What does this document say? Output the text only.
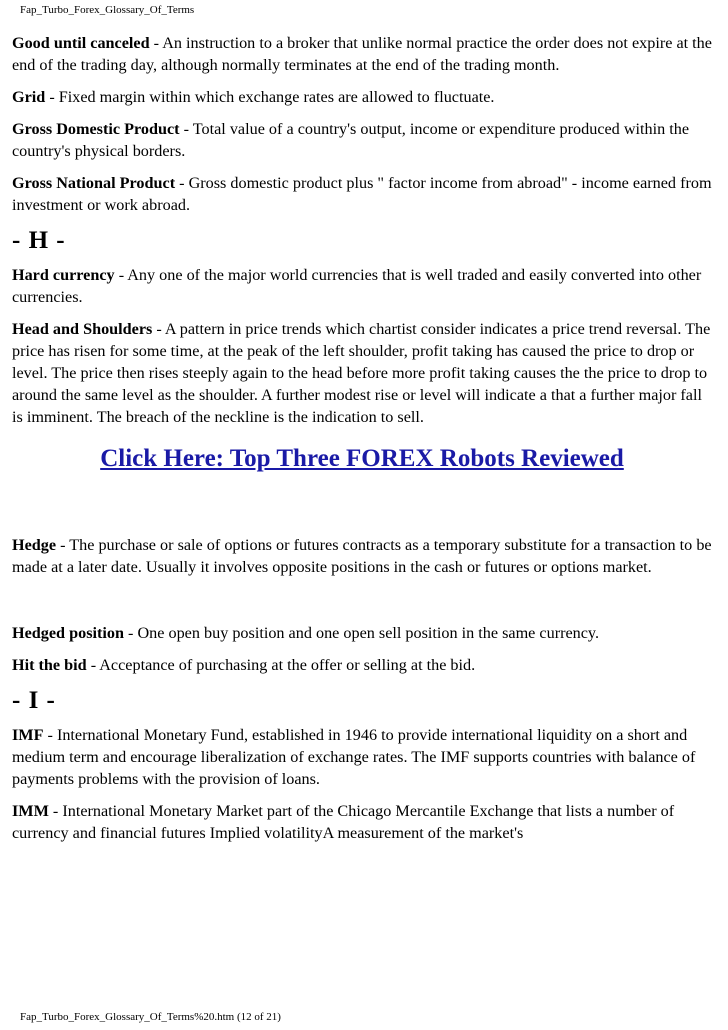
Fap_Turbo_Forex_Glossary_Of_Terms

Good until canceled - An instruction to a broker that unlike normal practice the order does not expire at the end of the trading day, although normally terminates at the end of the trading month.

Grid - Fixed margin within which exchange rates are allowed to fluctuate.

Gross Domestic Product - Total value of a country's output, income or expenditure produced within the country's physical borders.

Gross National Product - Gross domestic product plus " factor income from abroad" - income earned from investment or work abroad.

- H -

Hard currency - Any one of the major world currencies that is well traded and easily converted into other currencies.

Head and Shoulders - A pattern in price trends which chartist consider indicates a price trend reversal. The price has risen for some time, at the peak of the left shoulder, profit taking has caused the price to drop or level. The price then rises steeply again to the head before more profit taking causes the the price to drop to around the same level as the shoulder. A further modest rise or level will indicate a that a further major fall is imminent. The breach of the neckline is the indication to sell.

Click Here: Top Three FOREX Robots Reviewed

Hedge - The purchase or sale of options or futures contracts as a temporary substitute for a transaction to be made at a later date. Usually it involves opposite positions in the cash or futures or options market.

Hedged position - One open buy position and one open sell position in the same currency.

Hit the bid - Acceptance of purchasing at the offer or selling at the bid.

- I -

IMF - International Monetary Fund, established in 1946 to provide international liquidity on a short and medium term and encourage liberalization of exchange rates. The IMF supports countries with balance of payments problems with the provision of loans.

IMM - International Monetary Market part of the Chicago Mercantile Exchange that lists a number of currency and financial futures Implied volatilityA measurement of the market's

Fap_Turbo_Forex_Glossary_Of_Terms%20.htm (12 of 21)
